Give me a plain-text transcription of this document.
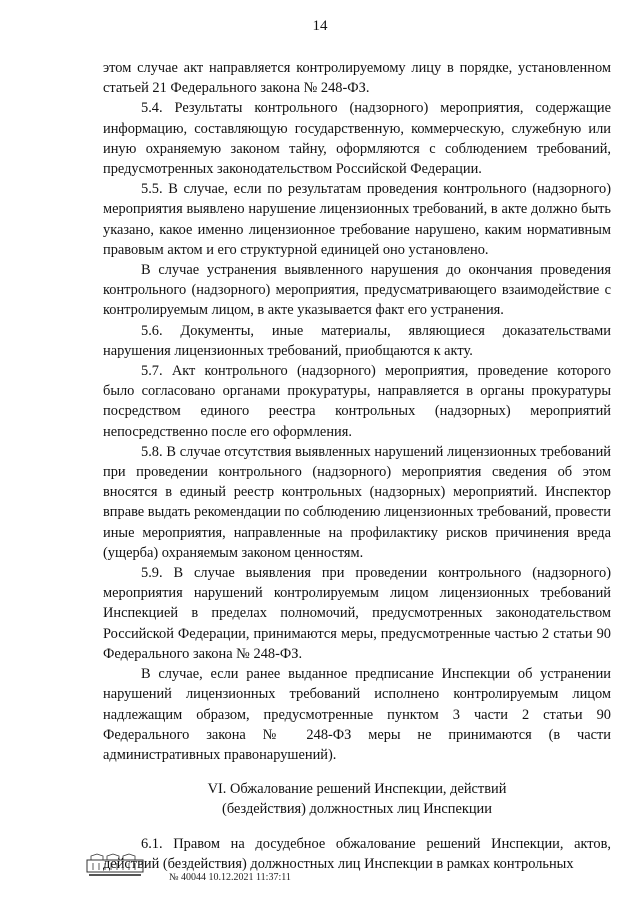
14

этом случае акт направляется контролируемому лицу в порядке, установленном статьей 21 Федерального закона № 248-ФЗ.

5.4. Результаты контрольного (надзорного) мероприятия, содержащие информацию, составляющую государственную, коммерческую, служебную или иную охраняемую законом тайну, оформляются с соблюдением требований, предусмотренных законодательством Российской Федерации.

5.5. В случае, если по результатам проведения контрольного (надзорного) мероприятия выявлено нарушение лицензионных требований, в акте должно быть указано, какое именно лицензионное требование нарушено, каким нормативным правовым актом и его структурной единицей оно установлено.

В случае устранения выявленного нарушения до окончания проведения контрольного (надзорного) мероприятия, предусматривающего взаимодействие с контролируемым лицом, в акте указывается факт его устранения.

5.6. Документы, иные материалы, являющиеся доказательствами нарушения лицензионных требований, приобщаются к акту.

5.7. Акт контрольного (надзорного) мероприятия, проведение которого было согласовано органами прокуратуры, направляется в органы прокуратуры посредством единого реестра контрольных (надзорных) мероприятий непосредственно после его оформления.

5.8. В случае отсутствия выявленных нарушений лицензионных требований при проведении контрольного (надзорного) мероприятия сведения об этом вносятся в единый реестр контрольных (надзорных) мероприятий. Инспектор вправе выдать рекомендации по соблюдению лицензионных требований, провести иные мероприятия, направленные на профилактику рисков причинения вреда (ущерба) охраняемым законом ценностям.

5.9. В случае выявления при проведении контрольного (надзорного) мероприятия нарушений контролируемым лицом лицензионных требований Инспекцией в пределах полномочий, предусмотренных законодательством Российской Федерации, принимаются меры, предусмотренные частью 2 статьи 90 Федерального закона № 248-ФЗ.

В случае, если ранее выданное предписание Инспекции об устранении нарушений лицензионных требований исполнено контролируемым лицом надлежащим образом, предусмотренные пунктом 3 части 2 статьи 90 Федерального закона № 248-ФЗ меры не принимаются (в части административных правонарушений).

VI. Обжалование решений Инспекции, действий
(бездействия) должностных лиц Инспекции

6.1. Правом на досудебное обжалование решений Инспекции, актов, действий (бездействия) должностных лиц Инспекции в рамках контрольных

№ 40044 10.12.2021 11:37:11
